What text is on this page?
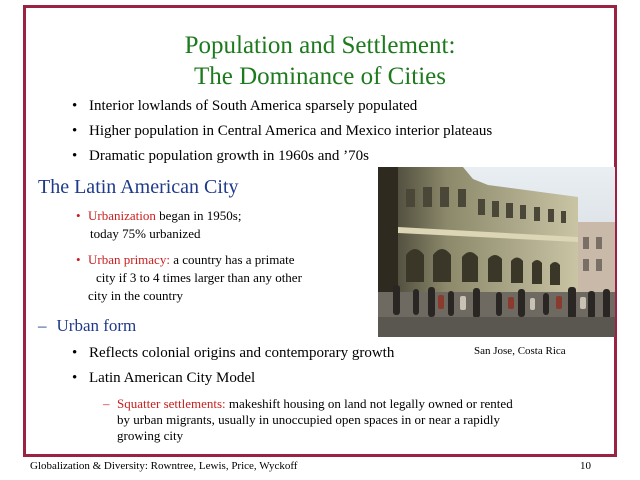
Population and Settlement:
The Dominance of Cities
• Interior lowlands of South America sparsely populated
• Higher population in Central America and Mexico interior plateaus
• Dramatic population growth in 1960s and ’70s
The Latin American City
• Urbanization began in 1950s;
today 75% urbanized
• Urban primacy: a country has a primate
city if 3 to 4 times larger than any other
city in the country
– Urban form
• Reflects colonial origins and contemporary growth
• Latin American City Model
– Squatter settlements: makeshift housing on land not legally owned or rented
by urban migrants, usually in unoccupied open spaces in or near a rapidly
growing city
San Jose, Costa Rica
Globalization & Diversity: Rowntree, Lewis, Price, Wyckoff	10
